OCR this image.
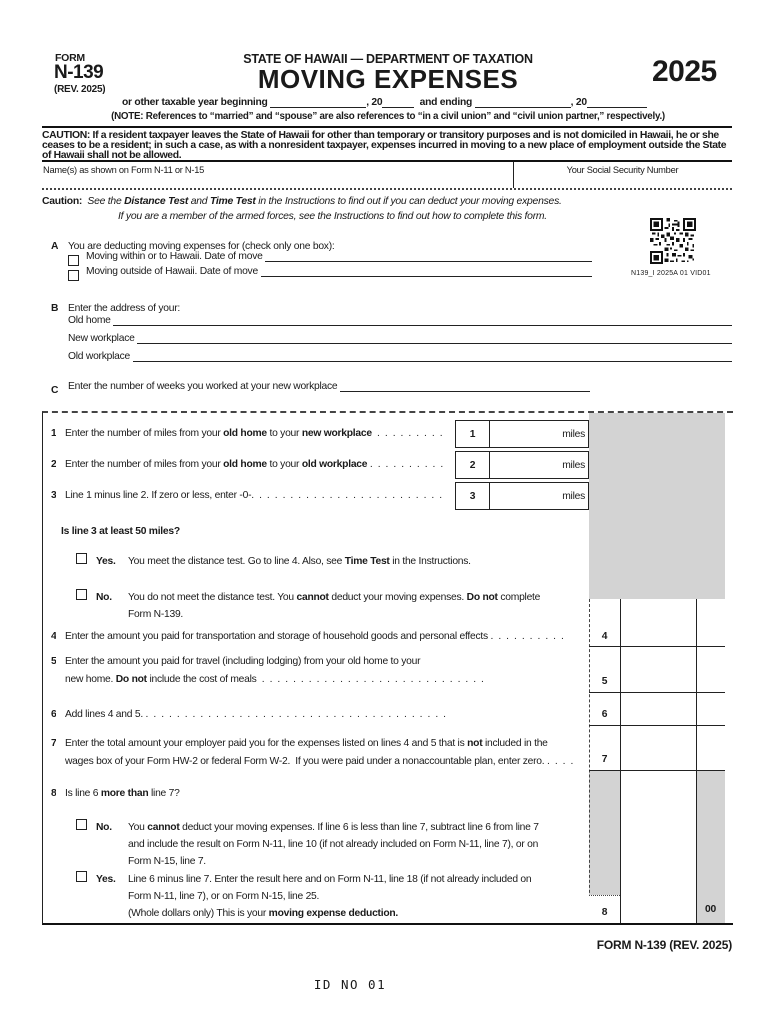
FORM
N-139
(REV. 2025)
STATE OF HAWAII — DEPARTMENT OF TAXATION
MOVING EXPENSES	2025
or other taxable year beginning	, 20	and ending	, 20
(NOTE: References to “married” and “spouse” are also references to “in a civil union” and “civil union partner,” respectively.)
CAUTION: If a resident taxpayer leaves the State of Hawaii for other than temporary or transitory purposes and is not domiciled in Hawaii, he or she ceases to be a resident; in such a case, as with a nonresident taxpayer, expenses incurred in moving to a new place of employment outside the State of Hawaii shall not be allowed.
Name(s) as shown on Form N-11 or N-15	Your Social Security Number
Caution: See the Distance Test and Time Test in the Instructions to find out if you can deduct your moving expenses.
If you are a member of the armed forces, see the Instructions to find out how to complete this form.
N139_I 2025A 01 VID01
A You are deducting moving expenses for (check only one box):
Moving within or to Hawaii. Date of move
Moving outside of Hawaii. Date of move
B Enter the address of your:
Old home
New workplace
Old workplace
C Enter the number of weeks you worked at your new workplace
1 Enter the number of miles from your old home to your new workplace  .  .  .  .  .  .  .  .  .
2 Enter the number of miles from your old home to your old workplace .  .  .  .  .  .  .  .  .  .
3 Line 1 minus line 2. If zero or less, enter -0-.  .  .  .  .  .  .  .  .  .  .  .  .  .  .  .  .  .  .  .  .  .  .  .  .
1	miles
2	miles
3	miles
Is line 3 at least 50 miles?
Yes. You meet the distance test. Go to line 4. Also, see Time Test in the Instructions.
No. You do not meet the distance test. You cannot deduct your moving expenses. Do not complete
Form N-139.
4
5
6
7
8	00
4 Enter the amount you paid for transportation and storage of household goods and personal effects .  .  .  .  .  .  .  .  .  .
5 Enter the amount you paid for travel (including lodging) from your old home to your
new home. Do not include the cost of meals  .  .  .  .  .  .  .  .  .  .  .  .  .  .  .  .  .  .  .  .  .  .  .  .  .  .  .  .  .
6 Add lines 4 and 5. .  .  .  .  .  .  .  .  .  .  .  .  .  .  .  .  .  .  .  .  .  .  .  .  .  .  .  .  .  .  .  .  .  .  .  .  .  .  .
7 Enter the total amount your employer paid you for the expenses listed on lines 4 and 5 that is not included in the
wages box of your Form HW-2 or federal Form W-2.  If you were paid under a nonaccountable plan, enter zero. .  .  .  .
8 Is line 6 more than line 7?
No. You cannot deduct your moving expenses. If line 6 is less than line 7, subtract line 6 from line 7
and include the result on Form N-11, line 10 (if not already included on Form N-11, line 7), or on
Form N-15, line 7.
Yes. Line 6 minus line 7. Enter the result here and on Form N-11, line 18 (if not already included on
Form N-11, line 7), or on Form N-15, line 25.
(Whole dollars only) This is your moving expense deduction.
FORM N-139 (REV. 2025)
ID NO 01
